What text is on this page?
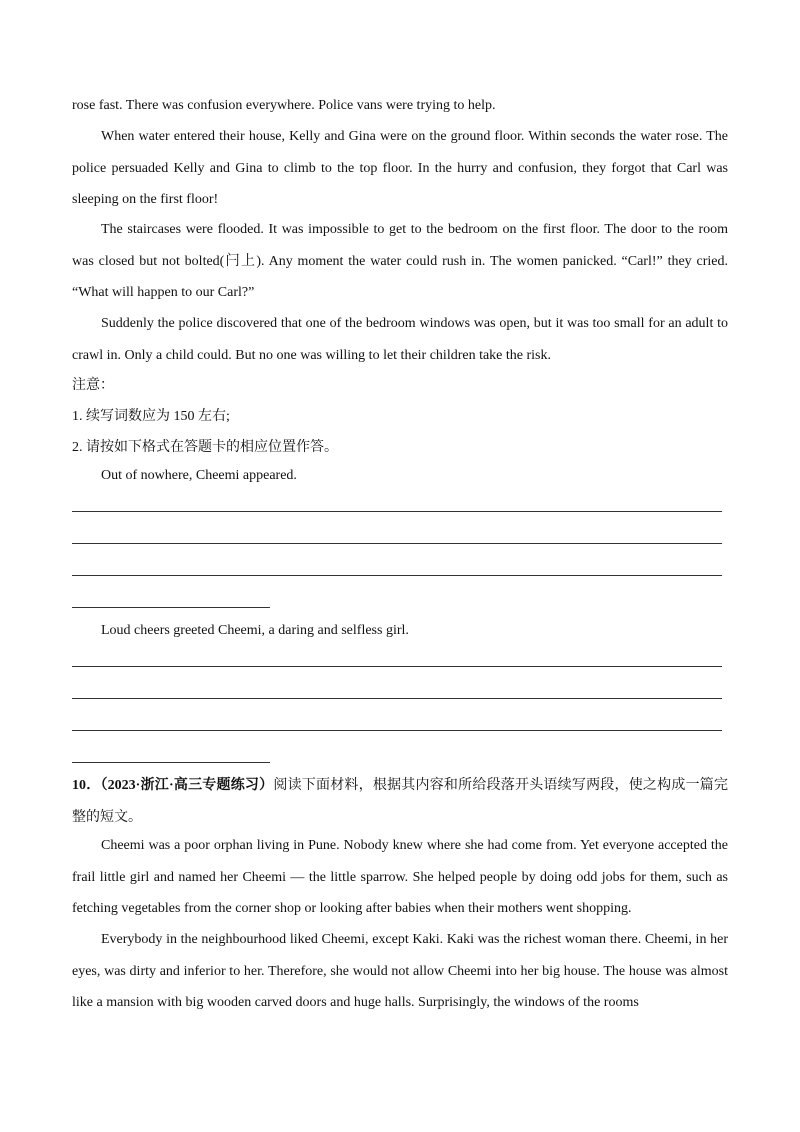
rose fast. There was confusion everywhere. Police vans were trying to help.

When water entered their house, Kelly and Gina were on the ground floor. Within seconds the water rose. The police persuaded Kelly and Gina to climb to the top floor. In the hurry and confusion, they forgot that Carl was sleeping on the first floor!

The staircases were flooded. It was impossible to get to the bedroom on the first floor. The door to the room was closed but not bolted(闩上). Any moment the water could rush in. The women panicked. “Carl!” they cried. “What will happen to our Carl?”

Suddenly the police discovered that one of the bedroom windows was open, but it was too small for an adult to crawl in. Only a child could. But no one was willing to let their children take the risk.

注意：

1. 续写词数应为 150 左右;

2. 请按如下格式在答题卡的相应位置作答。

Out of nowhere, Cheemi appeared.

Loud cheers greeted Cheemi, a daring and selfless girl.

10．（2023·浙江·高三专题练习）阅读下面材料，根据其内容和所给段落开头语续写两段，使之构成一篇完整的短文。

Cheemi was a poor orphan living in Pune. Nobody knew where she had come from. Yet everyone accepted the frail little girl and named her Cheemi — the little sparrow. She helped people by doing odd jobs for them, such as fetching vegetables from the corner shop or looking after babies when their mothers went shopping.

Everybody in the neighbourhood liked Cheemi, except Kaki. Kaki was the richest woman there. Cheemi, in her eyes, was dirty and inferior to her. Therefore, she would not allow Cheemi into her big house. The house was almost like a mansion with big wooden carved doors and huge halls. Surprisingly, the windows of the rooms
